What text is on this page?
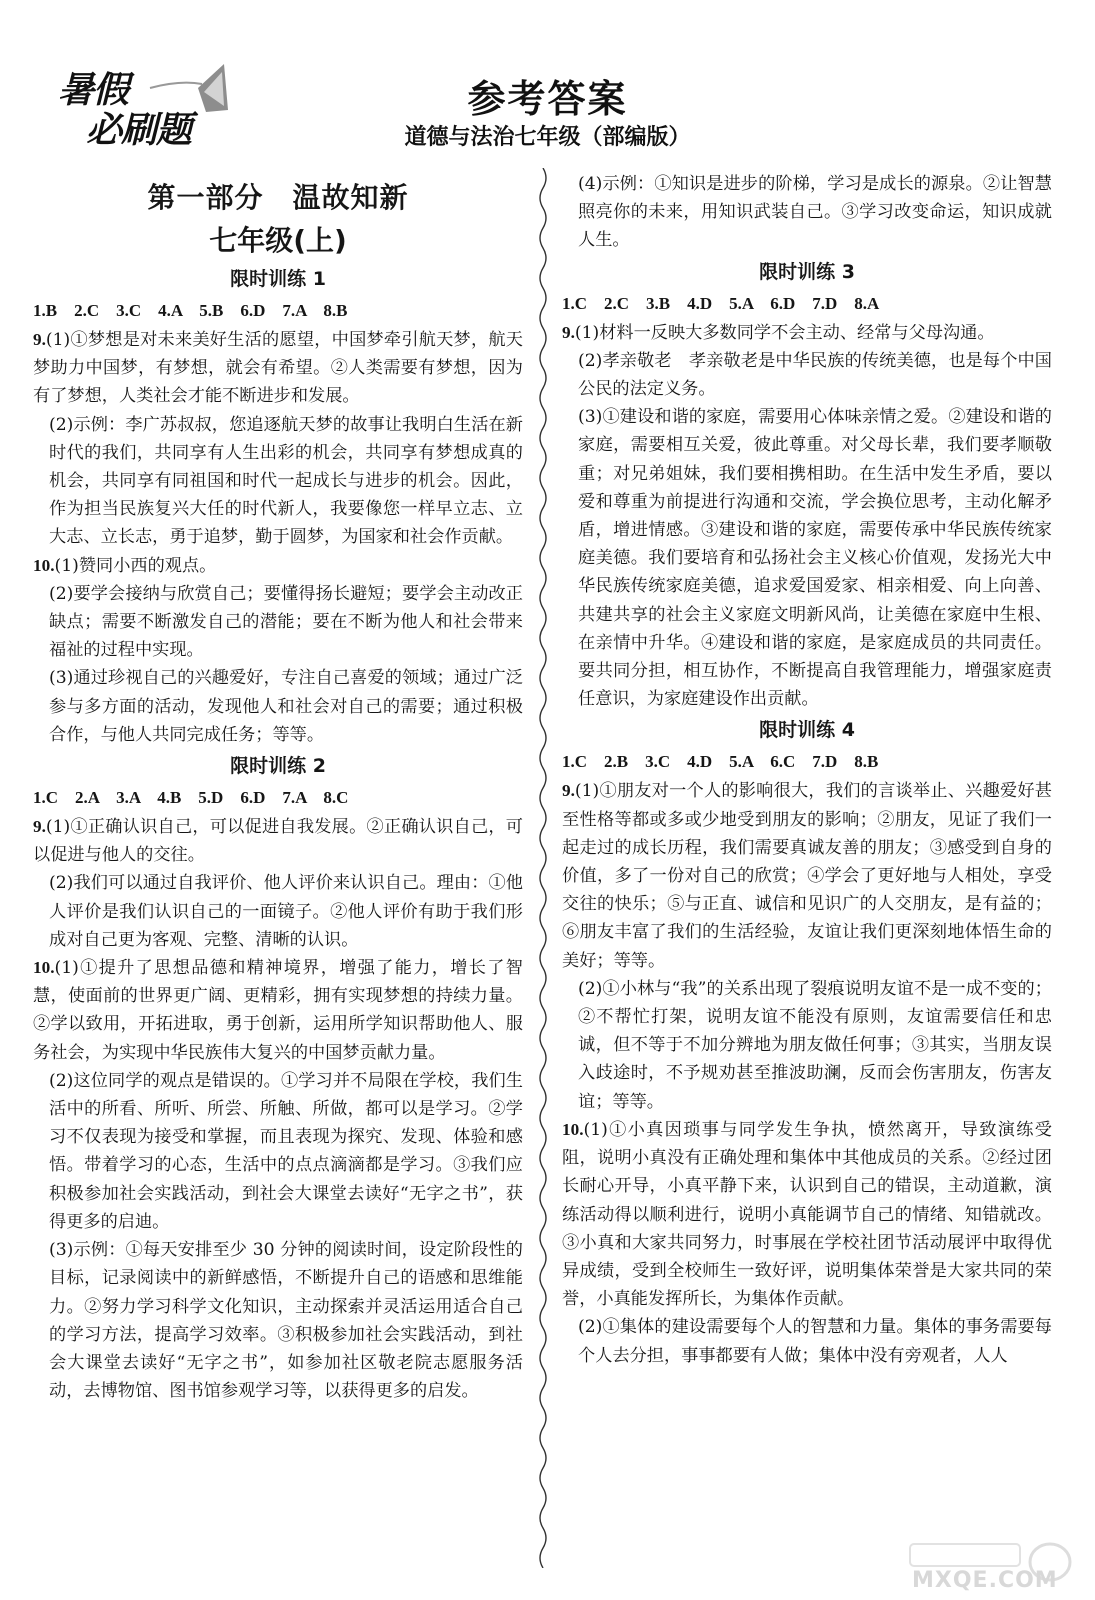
暑假
必刷题
参考答案
道德与法治七年级（部编版）
第一部分　温故知新
七年级(上)
限时训练 1

1.B　2.C　3.C　4.A　5.B　6.D　7.A　8.B

9.(1)①梦想是对未来美好生活的愿望，中国梦牵引航天梦，航天梦助力中国梦，有梦想，就会有希望。②人类需要有梦想，因为有了梦想，人类社会才能不断进步和发展。

(2)示例：李广苏叔叔，您追逐航天梦的故事让我明白生活在新时代的我们，共同享有人生出彩的机会，共同享有梦想成真的机会，共同享有同祖国和时代一起成长与进步的机会。因此，作为担当民族复兴大任的时代新人，我要像您一样早立志、立大志、立长志，勇于追梦，勤于圆梦，为国家和社会作贡献。

10.(1)赞同小西的观点。

(2)要学会接纳与欣赏自己；要懂得扬长避短；要学会主动改正缺点；需要不断激发自己的潜能；要在不断为他人和社会带来福祉的过程中实现。

(3)通过珍视自己的兴趣爱好，专注自己喜爱的领域；通过广泛参与多方面的活动，发现他人和社会对自己的需要；通过积极合作，与他人共同完成任务；等等。

限时训练 2

1.C　2.A　3.A　4.B　5.D　6.D　7.A　8.C

9.(1)①正确认识自己，可以促进自我发展。②正确认识自己，可以促进与他人的交往。

(2)我们可以通过自我评价、他人评价来认识自己。理由：①他人评价是我们认识自己的一面镜子。②他人评价有助于我们形成对自己更为客观、完整、清晰的认识。

10.(1)①提升了思想品德和精神境界，增强了能力，增长了智慧，使面前的世界更广阔、更精彩，拥有实现梦想的持续力量。②学以致用，开拓进取，勇于创新，运用所学知识帮助他人、服务社会，为实现中华民族伟大复兴的中国梦贡献力量。

(2)这位同学的观点是错误的。①学习并不局限在学校，我们生活中的所看、所听、所尝、所触、所做，都可以是学习。②学习不仅表现为接受和掌握，而且表现为探究、发现、体验和感悟。带着学习的心态，生活中的点点滴滴都是学习。③我们应积极参加社会实践活动，到社会大课堂去读好“无字之书”，获得更多的启迪。

(3)示例：①每天安排至少 30 分钟的阅读时间，设定阶段性的目标，记录阅读中的新鲜感悟，不断提升自己的语感和思维能力。②努力学习科学文化知识，主动探索并灵活运用适合自己的学习方法，提高学习效率。③积极参加社会实践活动，到社会大课堂去读好“无字之书”，如参加社区敬老院志愿服务活动，去博物馆、图书馆参观学习等，以获得更多的启发。

(4)示例：①知识是进步的阶梯，学习是成长的源泉。②让智慧照亮你的未来，用知识武装自己。③学习改变命运，知识成就人生。

限时训练 3

1.C　2.C　3.B　4.D　5.A　6.D　7.D　8.A

9.(1)材料一反映大多数同学不会主动、经常与父母沟通。

(2)孝亲敬老　孝亲敬老是中华民族的传统美德，也是每个中国公民的法定义务。

(3)①建设和谐的家庭，需要用心体味亲情之爱。②建设和谐的家庭，需要相互关爱，彼此尊重。对父母长辈，我们要孝顺敬重；对兄弟姐妹，我们要相携相助。在生活中发生矛盾，要以爱和尊重为前提进行沟通和交流，学会换位思考，主动化解矛盾，增进情感。③建设和谐的家庭，需要传承中华民族传统家庭美德。我们要培育和弘扬社会主义核心价值观，发扬光大中华民族传统家庭美德，追求爱国爱家、相亲相爱、向上向善、共建共享的社会主义家庭文明新风尚，让美德在家庭中生根、在亲情中升华。④建设和谐的家庭，是家庭成员的共同责任。要共同分担，相互协作，不断提高自我管理能力，增强家庭责任意识，为家庭建设作出贡献。

限时训练 4

1.C　2.B　3.C　4.D　5.A　6.C　7.D　8.B

9.(1)①朋友对一个人的影响很大，我们的言谈举止、兴趣爱好甚至性格等都或多或少地受到朋友的影响；②朋友，见证了我们一起走过的成长历程，我们需要真诚友善的朋友；③感受到自身的价值，多了一份对自己的欣赏；④学会了更好地与人相处，享受交往的快乐；⑤与正直、诚信和见识广的人交朋友，是有益的；⑥朋友丰富了我们的生活经验，友谊让我们更深刻地体悟生命的美好；等等。

(2)①小林与“我”的关系出现了裂痕说明友谊不是一成不变的；②不帮忙打架，说明友谊不能没有原则，友谊需要信任和忠诚，但不等于不加分辨地为朋友做任何事；③其实，当朋友误入歧途时，不予规劝甚至推波助澜，反而会伤害朋友，伤害友谊；等等。

10.(1)①小真因琐事与同学发生争执，愤然离开，导致演练受阻，说明小真没有正确处理和集体中其他成员的关系。②经过团长耐心开导，小真平静下来，认识到自己的错误，主动道歉，演练活动得以顺利进行，说明小真能调节自己的情绪、知错就改。③小真和大家共同努力，时事展在学校社团节活动展评中取得优异成绩，受到全校师生一致好评，说明集体荣誉是大家共同的荣誉，小真能发挥所长，为集体作贡献。

(2)①集体的建设需要每个人的智慧和力量。集体的事务需要每个人去分担，事事都要有人做；集体中没有旁观者，人人

MXQE.COM
